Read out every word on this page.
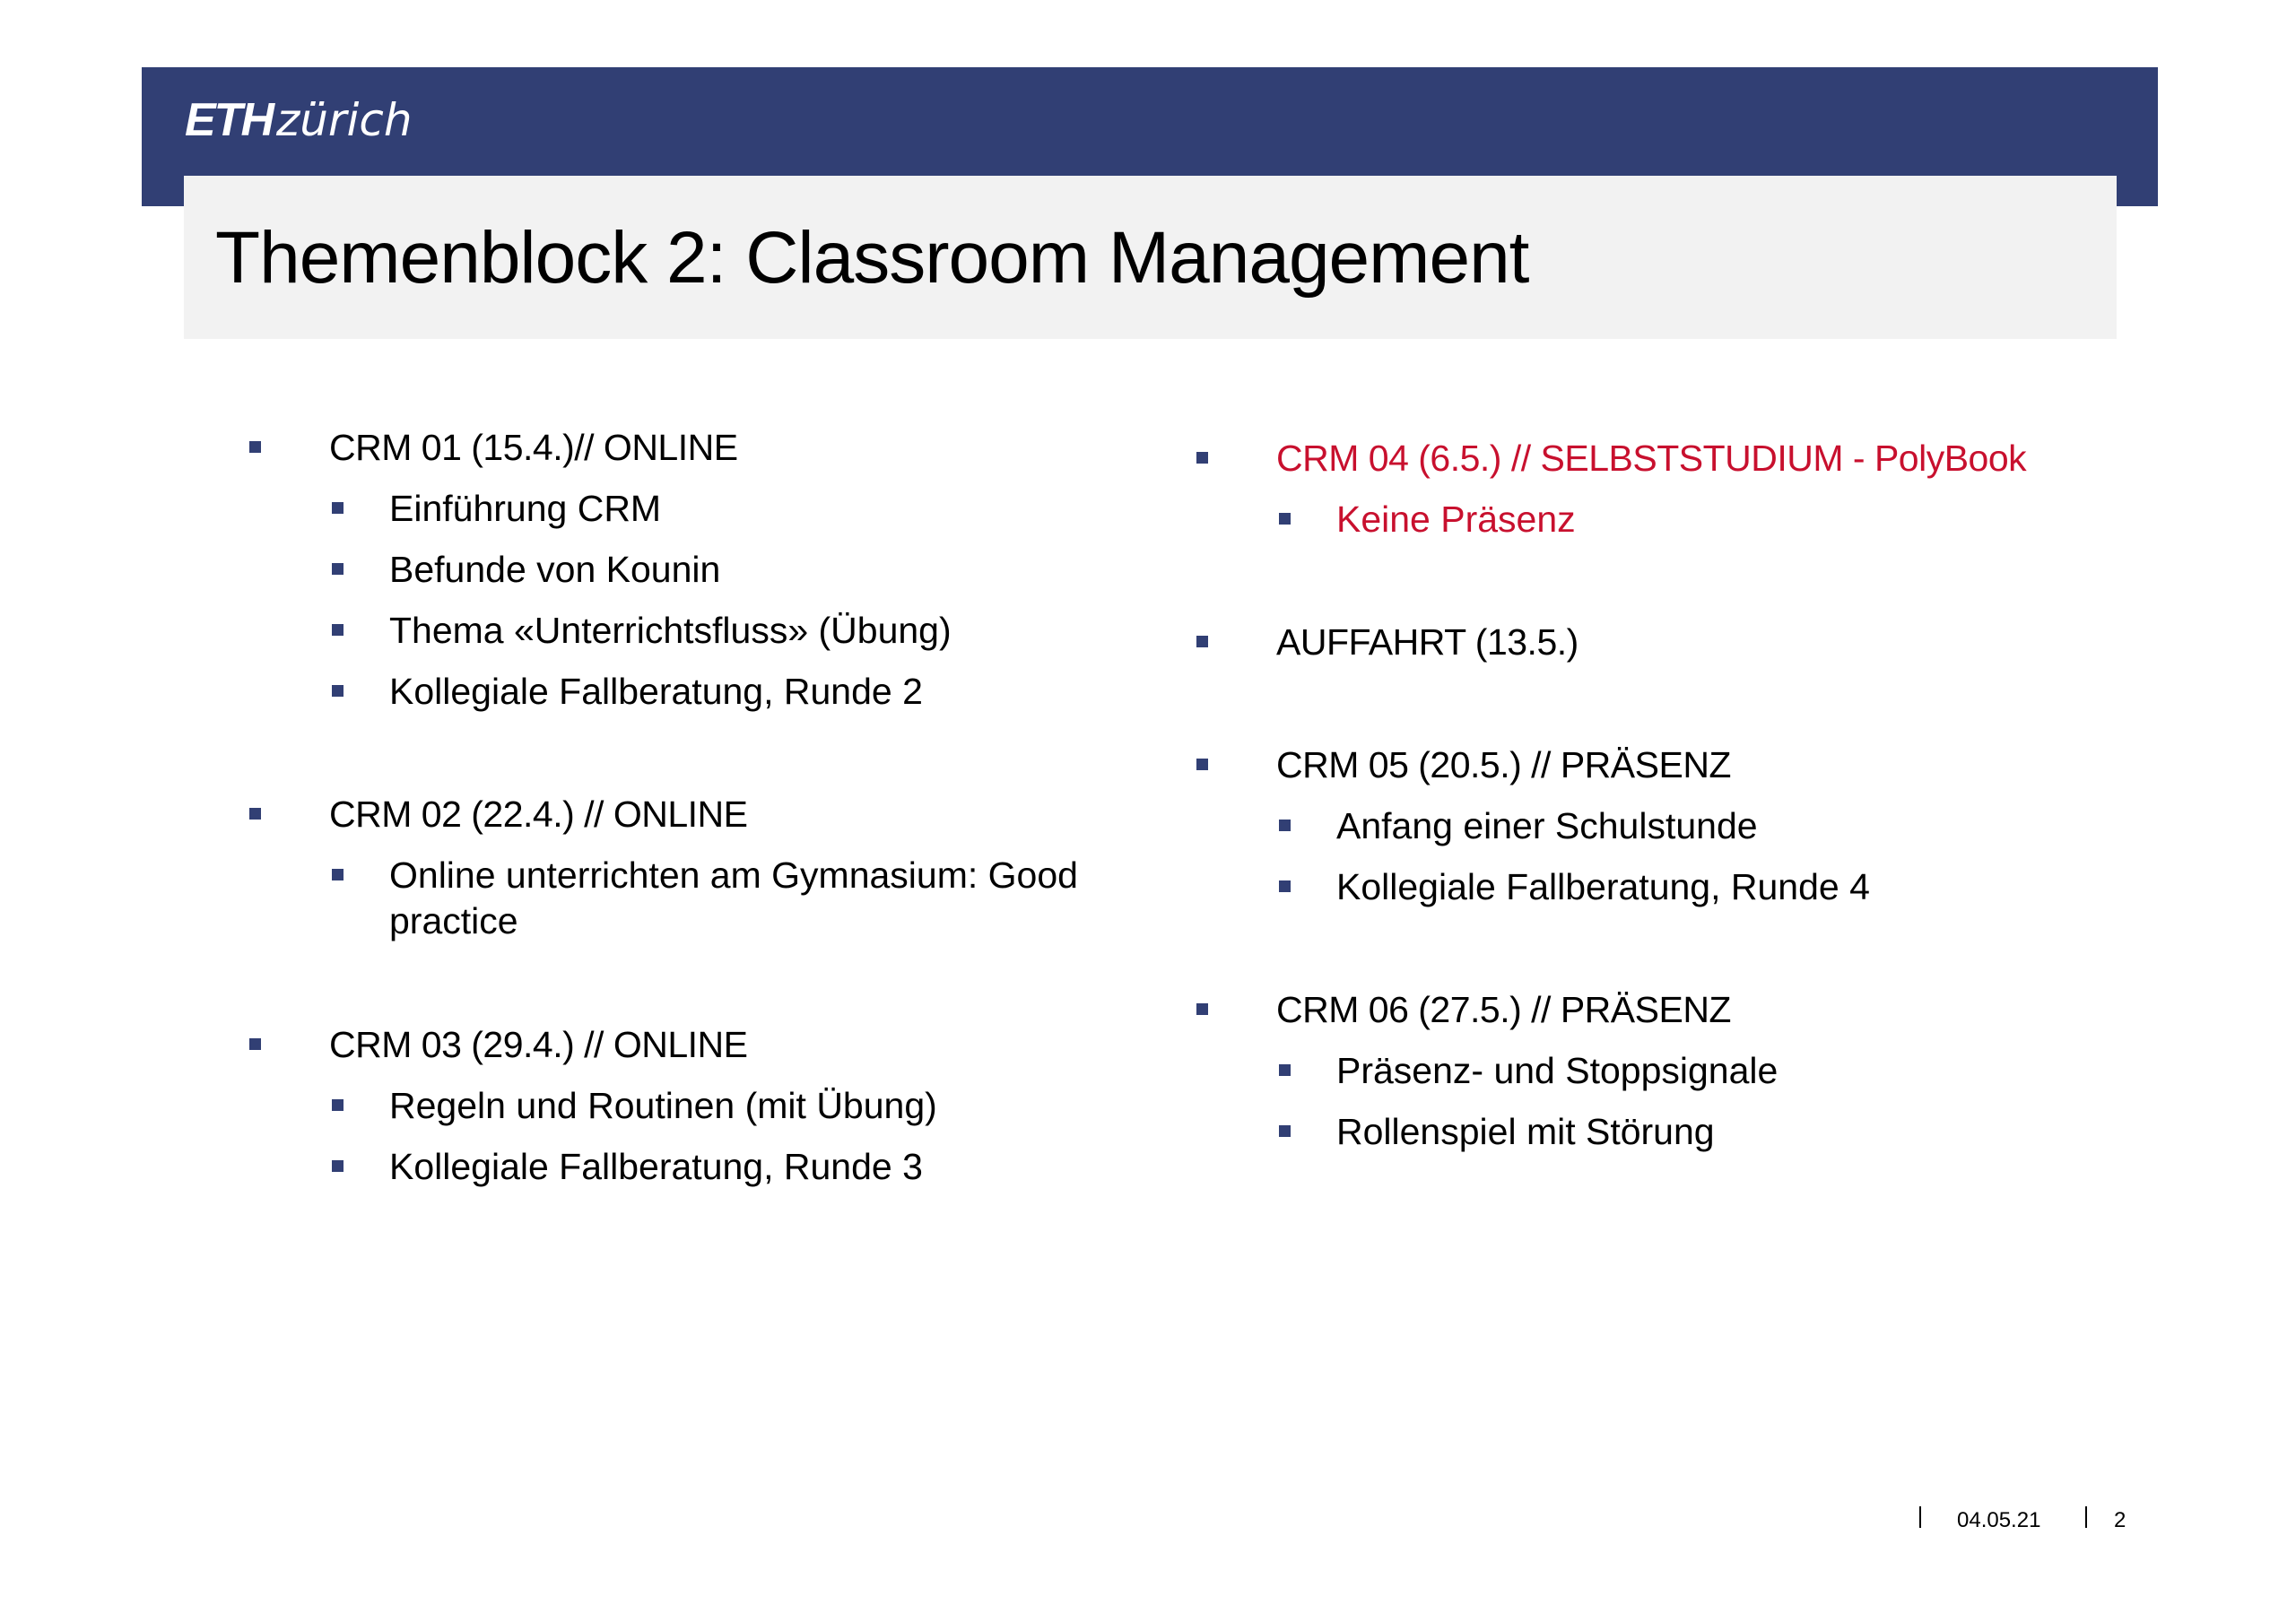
ETHzürich
Themenblock 2: Classroom Management
CRM 01 (15.4.)// ONLINE
Einführung CRM
Befunde von Kounin
Thema «Unterrichtsfluss» (Übung)
Kollegiale Fallberatung, Runde 2
CRM 02 (22.4.) // ONLINE
Online unterrichten am Gymnasium: Good
practice
CRM 03 (29.4.) // ONLINE
Regeln und Routinen (mit Übung)
Kollegiale Fallberatung, Runde 3
CRM 04 (6.5.) // SELBSTSTUDIUM - PolyBook
Keine Präsenz
AUFFAHRT (13.5.)
CRM 05 (20.5.) // PRÄSENZ
Anfang einer Schulstunde
Kollegiale Fallberatung, Runde 4
CRM 06 (27.5.) // PRÄSENZ
Präsenz- und Stoppsignale
Rollenspiel mit Störung
04.05.21	2
